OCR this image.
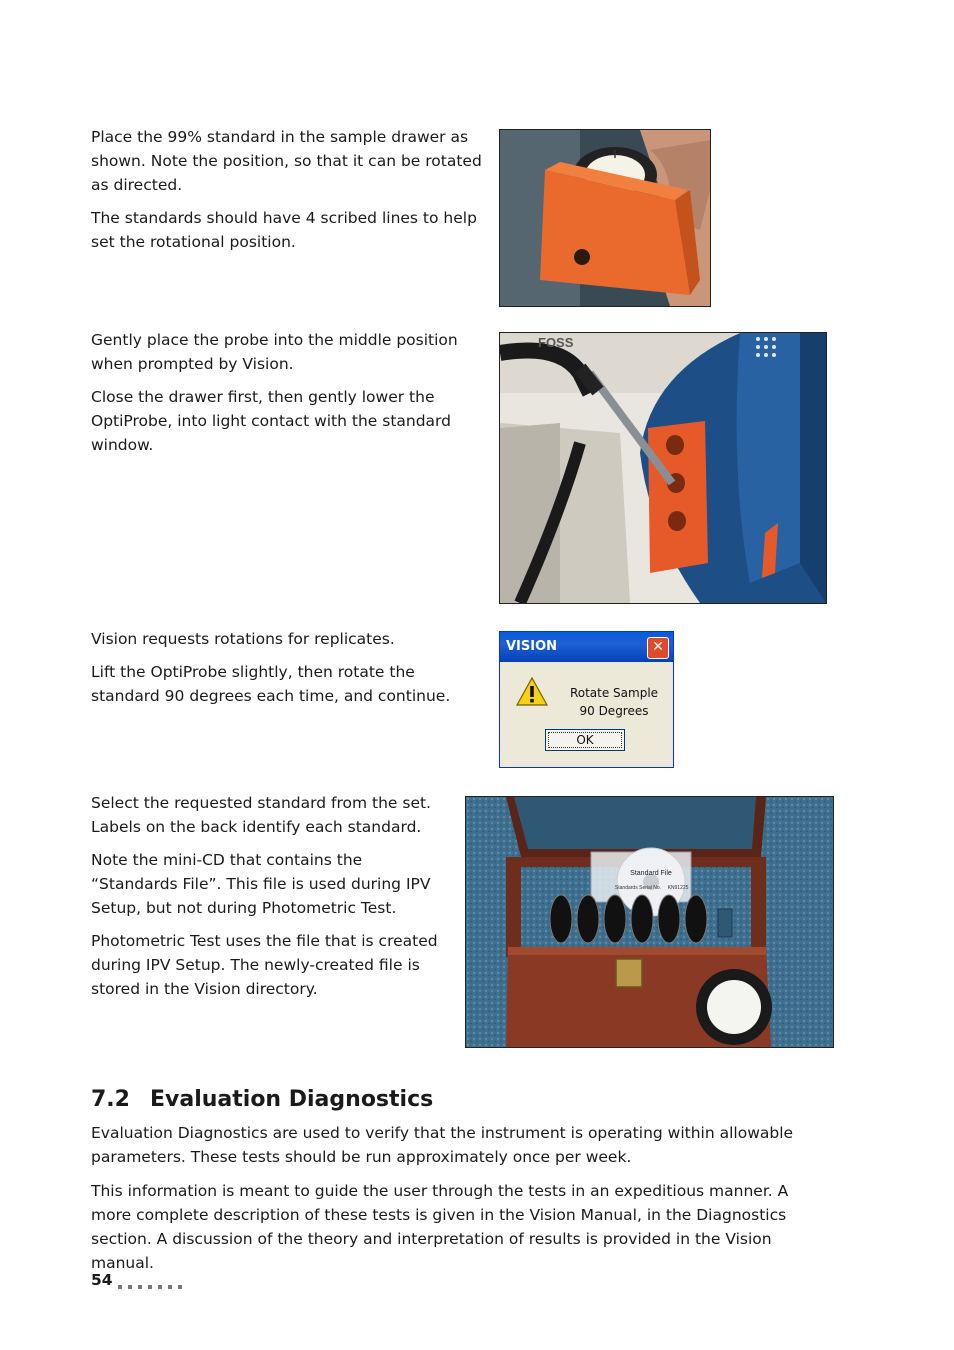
Place the 99% standard in the sample drawer as shown. Note the position, so that it can be rotated as directed.

The standards should have 4 scribed lines to help set the rotational position.

Gently place the probe into the middle position when prompted by Vision.

Close the drawer first, then gently lower the OptiProbe, into light contact with the standard window.

FOSS

Vision requests rotations for replicates.

Lift the OptiProbe slightly, then rotate the standard 90 degrees each time, and continue.

VISION	✕
Rotate Sample 90 Degrees
OK

Select the requested standard from the set. Labels on the back identify each standard.

Note the mini-CD that contains the “Standards File”. This file is used during IPV Setup, but not during Photometric Test.

Photometric Test uses the file that is created during IPV Setup. The newly-created file is stored in the Vision directory.

Standard File
Standards Serial No. KN91225
7.2 Evaluation Diagnostics

Evaluation Diagnostics are used to verify that the instrument is operating within allowable parameters. These tests should be run approximately once per week.

This information is meant to guide the user through the tests in an expeditious manner. A more complete description of these tests is given in the Vision Manual, in the Diagnostics section. A discussion of the theory and interpretation of results is provided in the Vision manual.

54
